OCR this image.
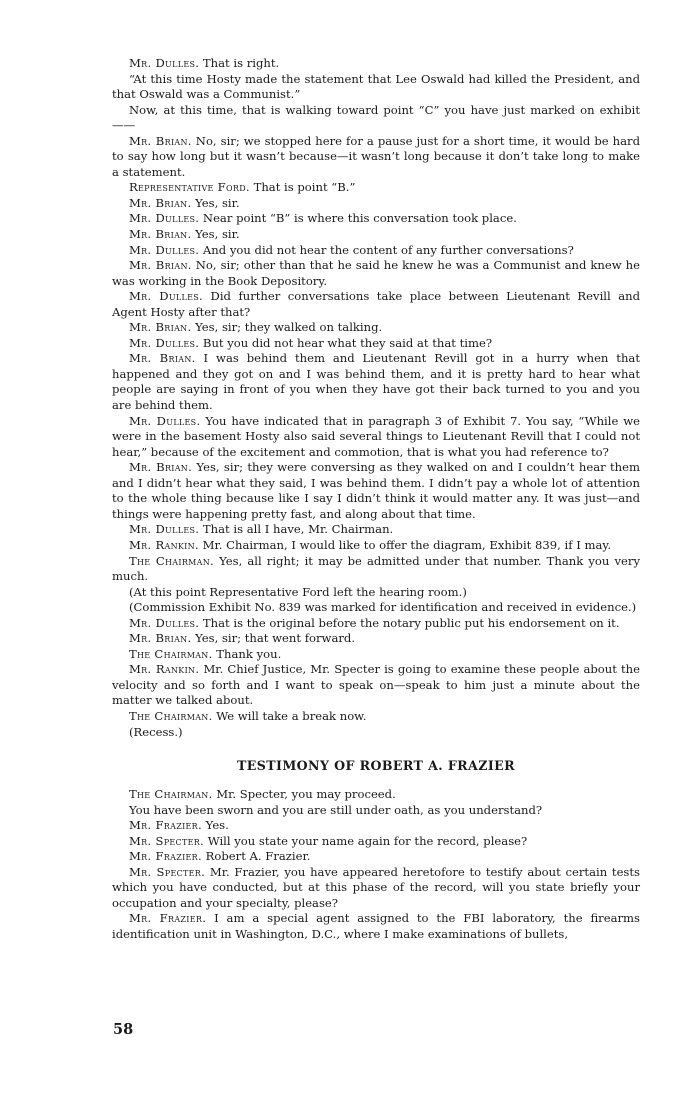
Mr. Dulles. That is right.

“At this time Hosty made the statement that Lee Oswald had killed the President, and that Oswald was a Communist.”

Now, at this time, that is walking toward point “C” you have just marked on exhibit——

Mr. Brian. No, sir; we stopped here for a pause just for a short time, it would be hard to say how long but it wasn’t because—it wasn’t long because it don’t take long to make a statement.

Representative Ford. That is point “B.”

Mr. Brian. Yes, sir.

Mr. Dulles. Near point “B” is where this conversation took place.

Mr. Brian. Yes, sir.

Mr. Dulles. And you did not hear the content of any further conversations?

Mr. Brian. No, sir; other than that he said he knew he was a Communist and knew he was working in the Book Depository.

Mr. Dulles. Did further conversations take place between Lieutenant Revill and Agent Hosty after that?

Mr. Brian. Yes, sir; they walked on talking.

Mr. Dulles. But you did not hear what they said at that time?

Mr. Brian. I was behind them and Lieutenant Revill got in a hurry when that happened and they got on and I was behind them, and it is pretty hard to hear what people are saying in front of you when they have got their back turned to you and you are behind them.

Mr. Dulles. You have indicated that in paragraph 3 of Exhibit 7. You say, “While we were in the basement Hosty also said several things to Lieutenant Revill that I could not hear,” because of the excitement and commotion, that is what you had reference to?

Mr. Brian. Yes, sir; they were conversing as they walked on and I couldn’t hear them and I didn’t hear what they said, I was behind them. I didn’t pay a whole lot of attention to the whole thing because like I say I didn’t think it would matter any. It was just—and things were happening pretty fast, and along about that time.

Mr. Dulles. That is all I have, Mr. Chairman.

Mr. Rankin. Mr. Chairman, I would like to offer the diagram, Exhibit 839, if I may.

The Chairman. Yes, all right; it may be admitted under that number. Thank you very much.

(At this point Representative Ford left the hearing room.)

(Commission Exhibit No. 839 was marked for identification and received in evidence.)

Mr. Dulles. That is the original before the notary public put his endorsement on it.

Mr. Brian. Yes, sir; that went forward.

The Chairman. Thank you.

Mr. Rankin. Mr. Chief Justice, Mr. Specter is going to examine these people about the velocity and so forth and I want to speak on—speak to him just a minute about the matter we talked about.

The Chairman. We will take a break now.

(Recess.)

TESTIMONY OF ROBERT A. FRAZIER

The Chairman. Mr. Specter, you may proceed.

You have been sworn and you are still under oath, as you understand?

Mr. Frazier. Yes.

Mr. Specter. Will you state your name again for the record, please?

Mr. Frazier. Robert A. Frazier.

Mr. Specter. Mr. Frazier, you have appeared heretofore to testify about certain tests which you have conducted, but at this phase of the record, will you state briefly your occupation and your specialty, please?

Mr. Frazier. I am a special agent assigned to the FBI laboratory, the firearms identification unit in Washington, D.C., where I make examinations of bullets,

58
